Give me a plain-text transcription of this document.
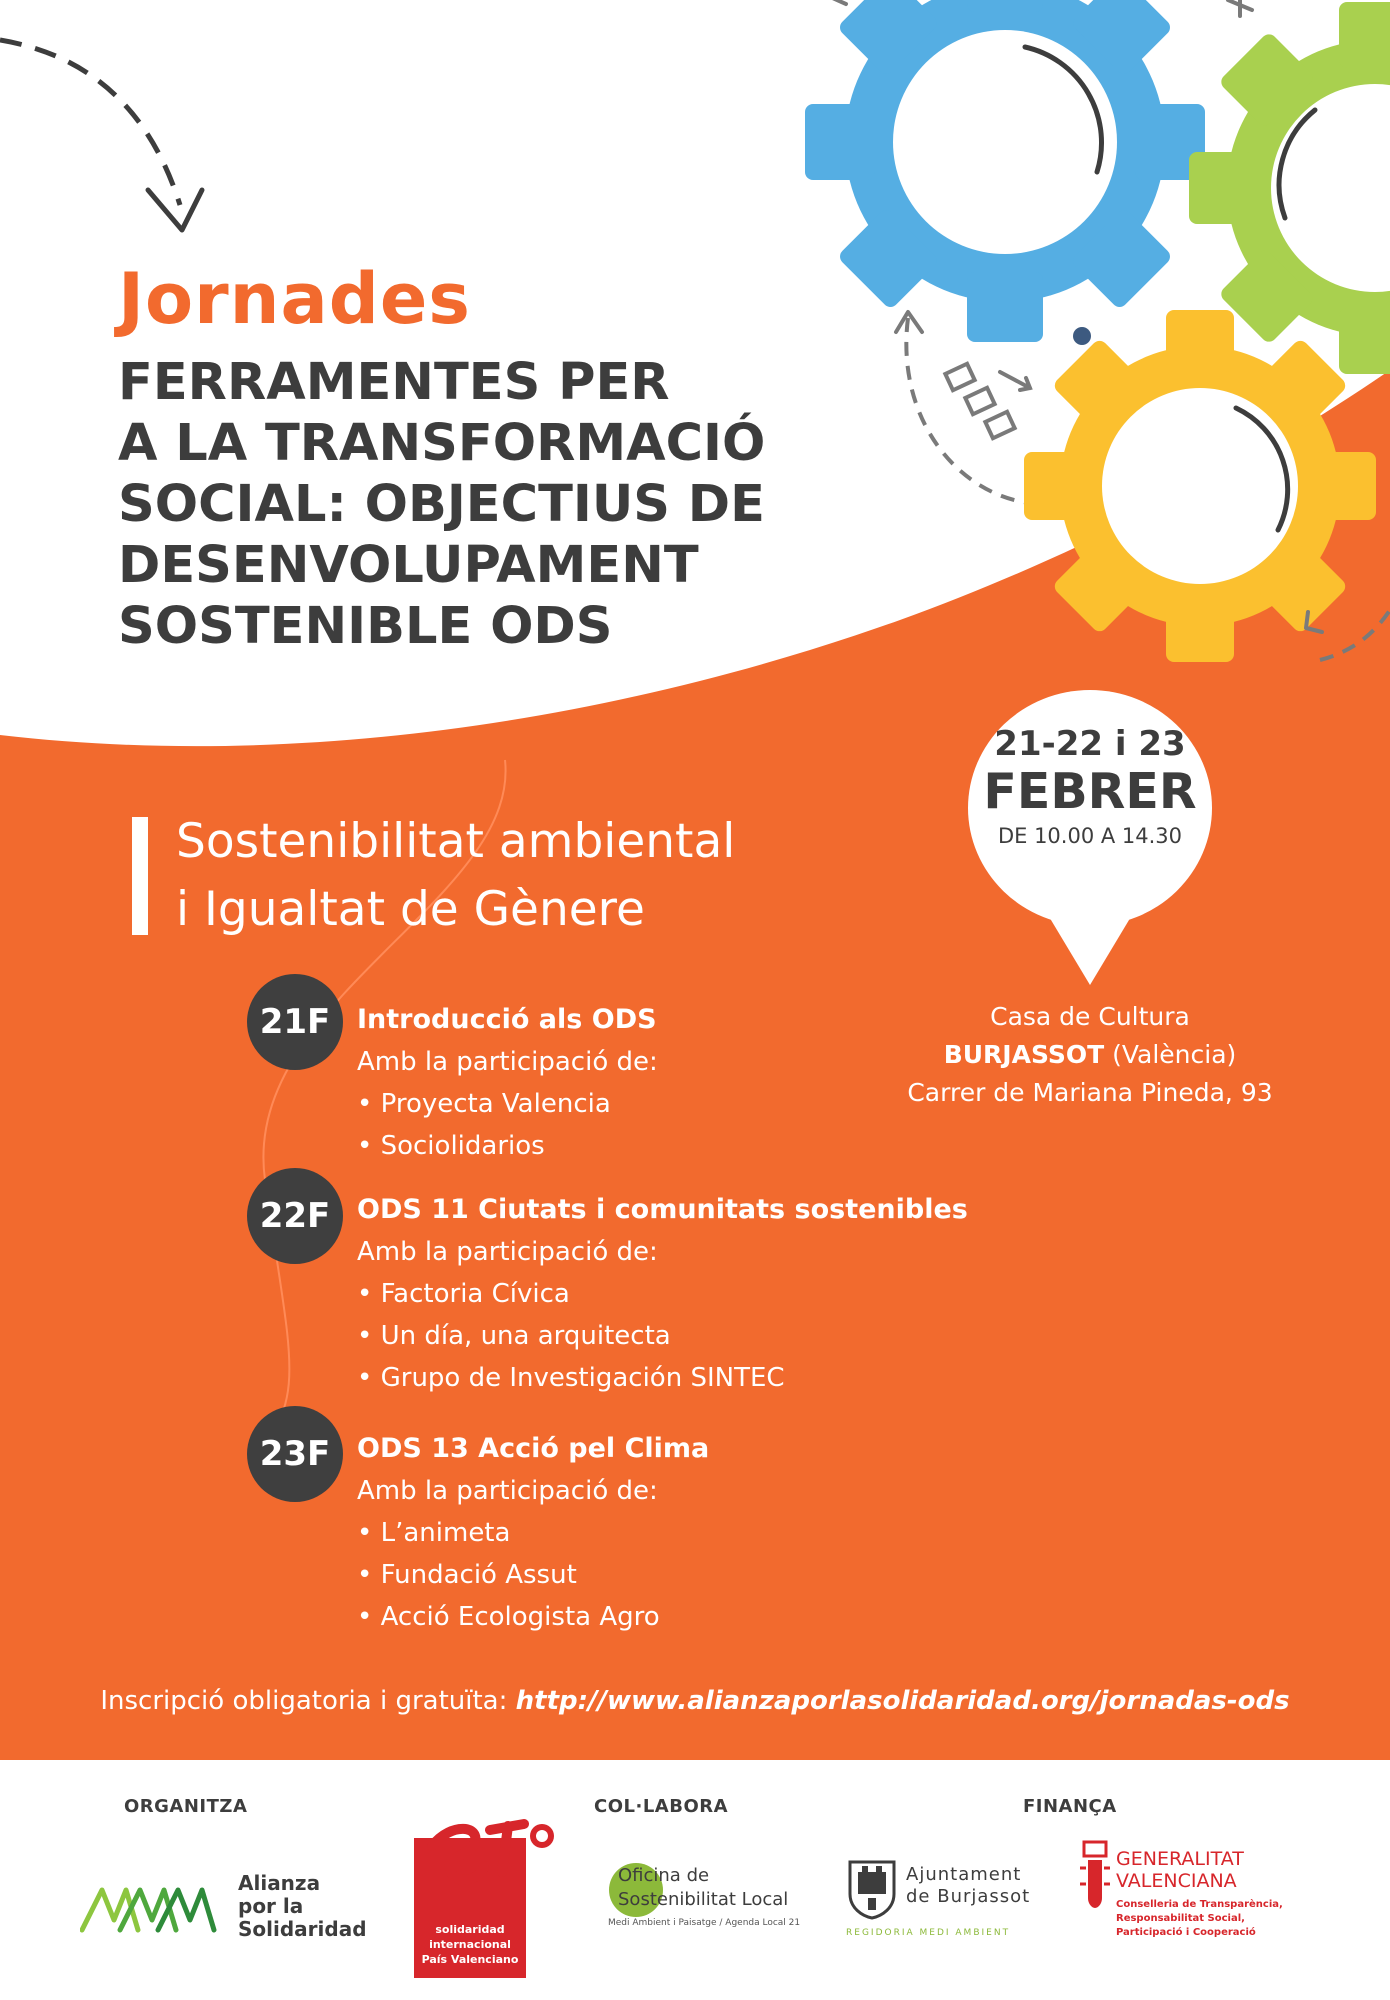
Jornades
FERRAMENTES PER
A LA TRANSFORMACIÓ
SOCIAL: OBJECTIUS DE
DESENVOLUPAMENT
SOSTENIBLE ODS
Sostenibilitat ambiental
i Igualtat de Gènere
21-22 i 23
FEBRER
DE 10.00 A 14.30
Casa de Cultura
BURJASSOT (València)
Carrer de Mariana Pineda, 93
21F Introducció als ODS
Amb la participació de:
• Proyecta Valencia
• Sociolidarios
22F ODS 11 Ciutats i comunitats sostenibles
Amb la participació de:
• Factoria Cívica
• Un día, una arquitecta
• Grupo de Investigación SINTEC
23F ODS 13 Acció pel Clima
Amb la participació de:
• L’animeta
• Fundació Assut
• Acció Ecologista Agro
Inscripció obligatoria i gratuïta: http://www.alianzaporlasolidaridad.org/jornadas-ods
ORGANITZA	COL·LABORA	FINANÇA
Alianza
por la
Solidaridad	solidaridad
internacional
País Valenciano
Oficina de
Sostenibilitat Local
Medi Ambient i Paisatge / Agenda Local 21
Ajuntament
de Burjassot
REGIDORIA MEDI AMBIENT
GENERALITAT
VALENCIANA
Conselleria de Transparència,
Responsabilitat Social,
Participació i Cooperació
